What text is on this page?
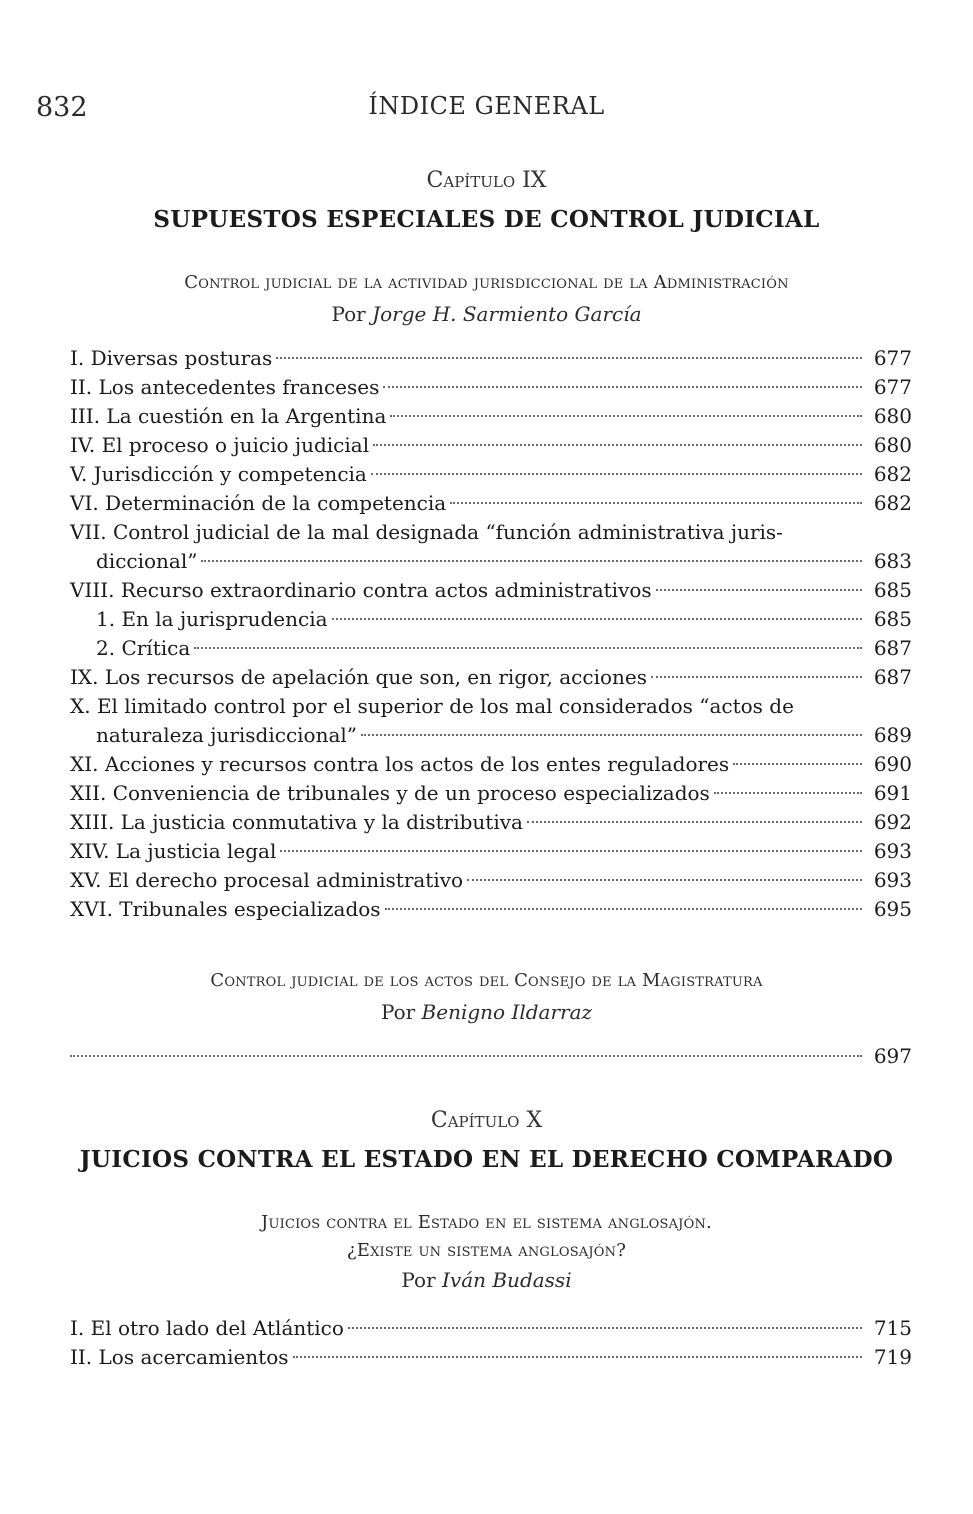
832	ÍNDICE GENERAL
Capítulo IX
SUPUESTOS ESPECIALES DE CONTROL JUDICIAL
Control judicial de la actividad jurisdiccional de la Administración
Por Jorge H. Sarmiento García
I. Diversas posturas	677
II. Los antecedentes franceses	677
III. La cuestión en la Argentina	680
IV. El proceso o juicio judicial	680
V. Jurisdicción y competencia	682
VI. Determinación de la competencia	682
VII. Control judicial de la mal designada “función administrativa juris-
diccional”	683
VIII. Recurso extraordinario contra actos administrativos	685
1. En la jurisprudencia	685
2. Crítica	687
IX. Los recursos de apelación que son, en rigor, acciones	687
X. El limitado control por el superior de los mal considerados “actos de
naturaleza jurisdiccional”	689
XI. Acciones y recursos contra los actos de los entes reguladores	690
XII. Conveniencia de tribunales y de un proceso especializados	691
XIII. La justicia conmutativa y la distributiva	692
XIV. La justicia legal	693
XV. El derecho procesal administrativo	693
XVI. Tribunales especializados	695
Control judicial de los actos del Consejo de la Magistratura
Por Benigno Ildarraz
697
Capítulo X
JUICIOS CONTRA EL ESTADO EN EL DERECHO COMPARADO
Juicios contra el Estado en el sistema anglosajón.
¿Existe un sistema anglosajón?
Por Iván Budassi
I. El otro lado del Atlántico	715
II. Los acercamientos	719
